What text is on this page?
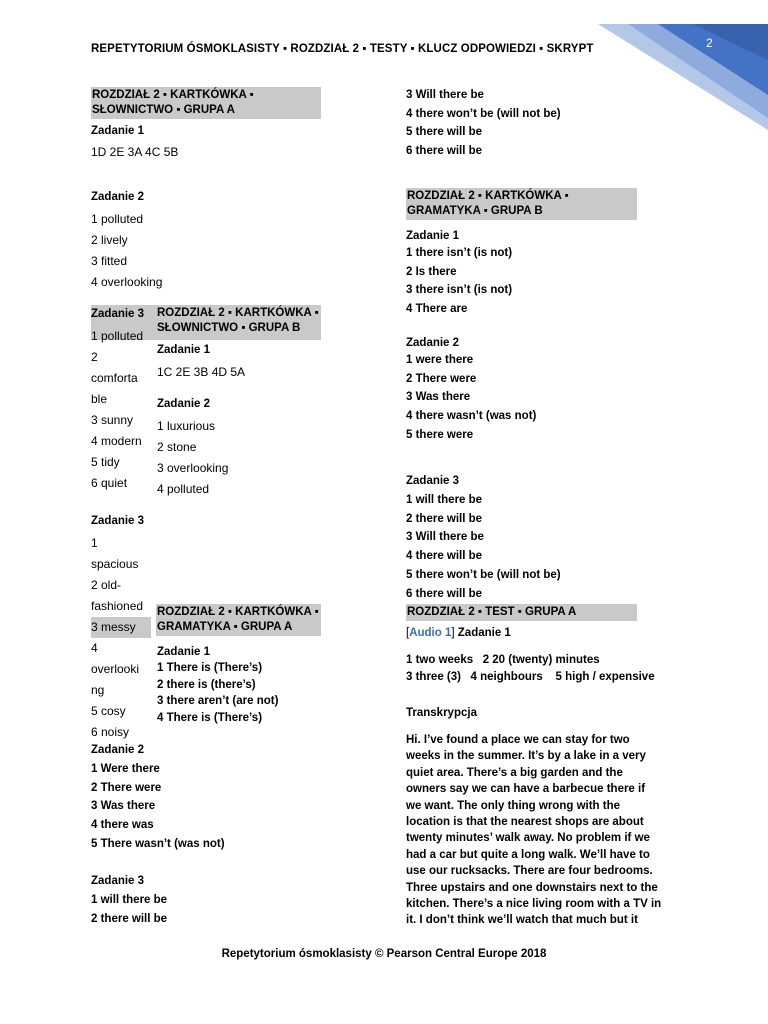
2
REPETYTORIUM ÓSMOKLASISTY ▪ ROZDZIAŁ 2 ▪ TESTY ▪ KLUCZ ODPOWIEDZI ▪ SKRYPT
ROZDZIAŁ 2 ▪ KARTKÓWKA ▪ SŁOWNICTWO ▪ GRUPA A
Zadanie 1
1D 2E 3A 4C 5B
Zadanie 2
1 polluted
2 lively
3 fitted
4 overlooking
Zadanie 3
1 polluted
2
comforta
ble
3 sunny
4 modern
5 tidy
6 quiet
ROZDZIAŁ 2 ▪ KARTKÓWKA ▪ SŁOWNICTWO ▪ GRUPA B
Zadanie 1
1C 2E 3B 4D 5A
Zadanie 2
1 luxurious
2 stone
3 overlooking
4 polluted
Zadanie 3
1
spacious
2 old-
fashioned
3 messy
4
overlooki
ng
5 cosy
6 noisy
ROZDZIAŁ 2 ▪ KARTKÓWKA ▪ GRAMATYKA ▪ GRUPA A
Zadanie 1
1 There is (There’s)
2 there is (there’s)
3 there aren’t (are not)
4 There is (There’s)
Zadanie 2
1 Were there
2 There were
3 Was there
4 there was
5 There wasn’t (was not)
Zadanie 3
1 will there be
2 there will be
3 Will there be
4 there won’t be (will not be)
5 there will be
6 there will be
ROZDZIAŁ 2 ▪ KARTKÓWKA ▪ GRAMATYKA ▪ GRUPA B
Zadanie 1
1 there isn’t (is not)
2 Is there
3 there isn’t (is not)
4 There are
Zadanie 2
1 were there
2 There were
3 Was there
4 there wasn’t (was not)
5 there were
Zadanie 3
1 will there be
2 there will be
3 Will there be
4 there will be
5 there won’t be (will not be)
6 there will be
ROZDZIAŁ 2 ▪ TEST ▪ GRUPA A
[Audio 1] Zadanie 1
1 two weeks   2 20 (twenty) minutes
3 three (3)   4 neighbours    5 high / expensive
Transkrypcja
Hi. I’ve found a place we can stay for two
weeks in the summer. It’s by a lake in a very
quiet area. There’s a big garden and the
owners say we can have a barbecue there if
we want. The only thing wrong with the
location is that the nearest shops are about
twenty minutes’ walk away. No problem if we
had a car but quite a long walk. We’ll have to
use our rucksacks. There are four bedrooms.
Three upstairs and one downstairs next to the
kitchen. There’s a nice living room with a TV in
it. I don’t think we’ll watch that much but it
Repetytorium ósmoklasisty © Pearson Central Europe 2018
